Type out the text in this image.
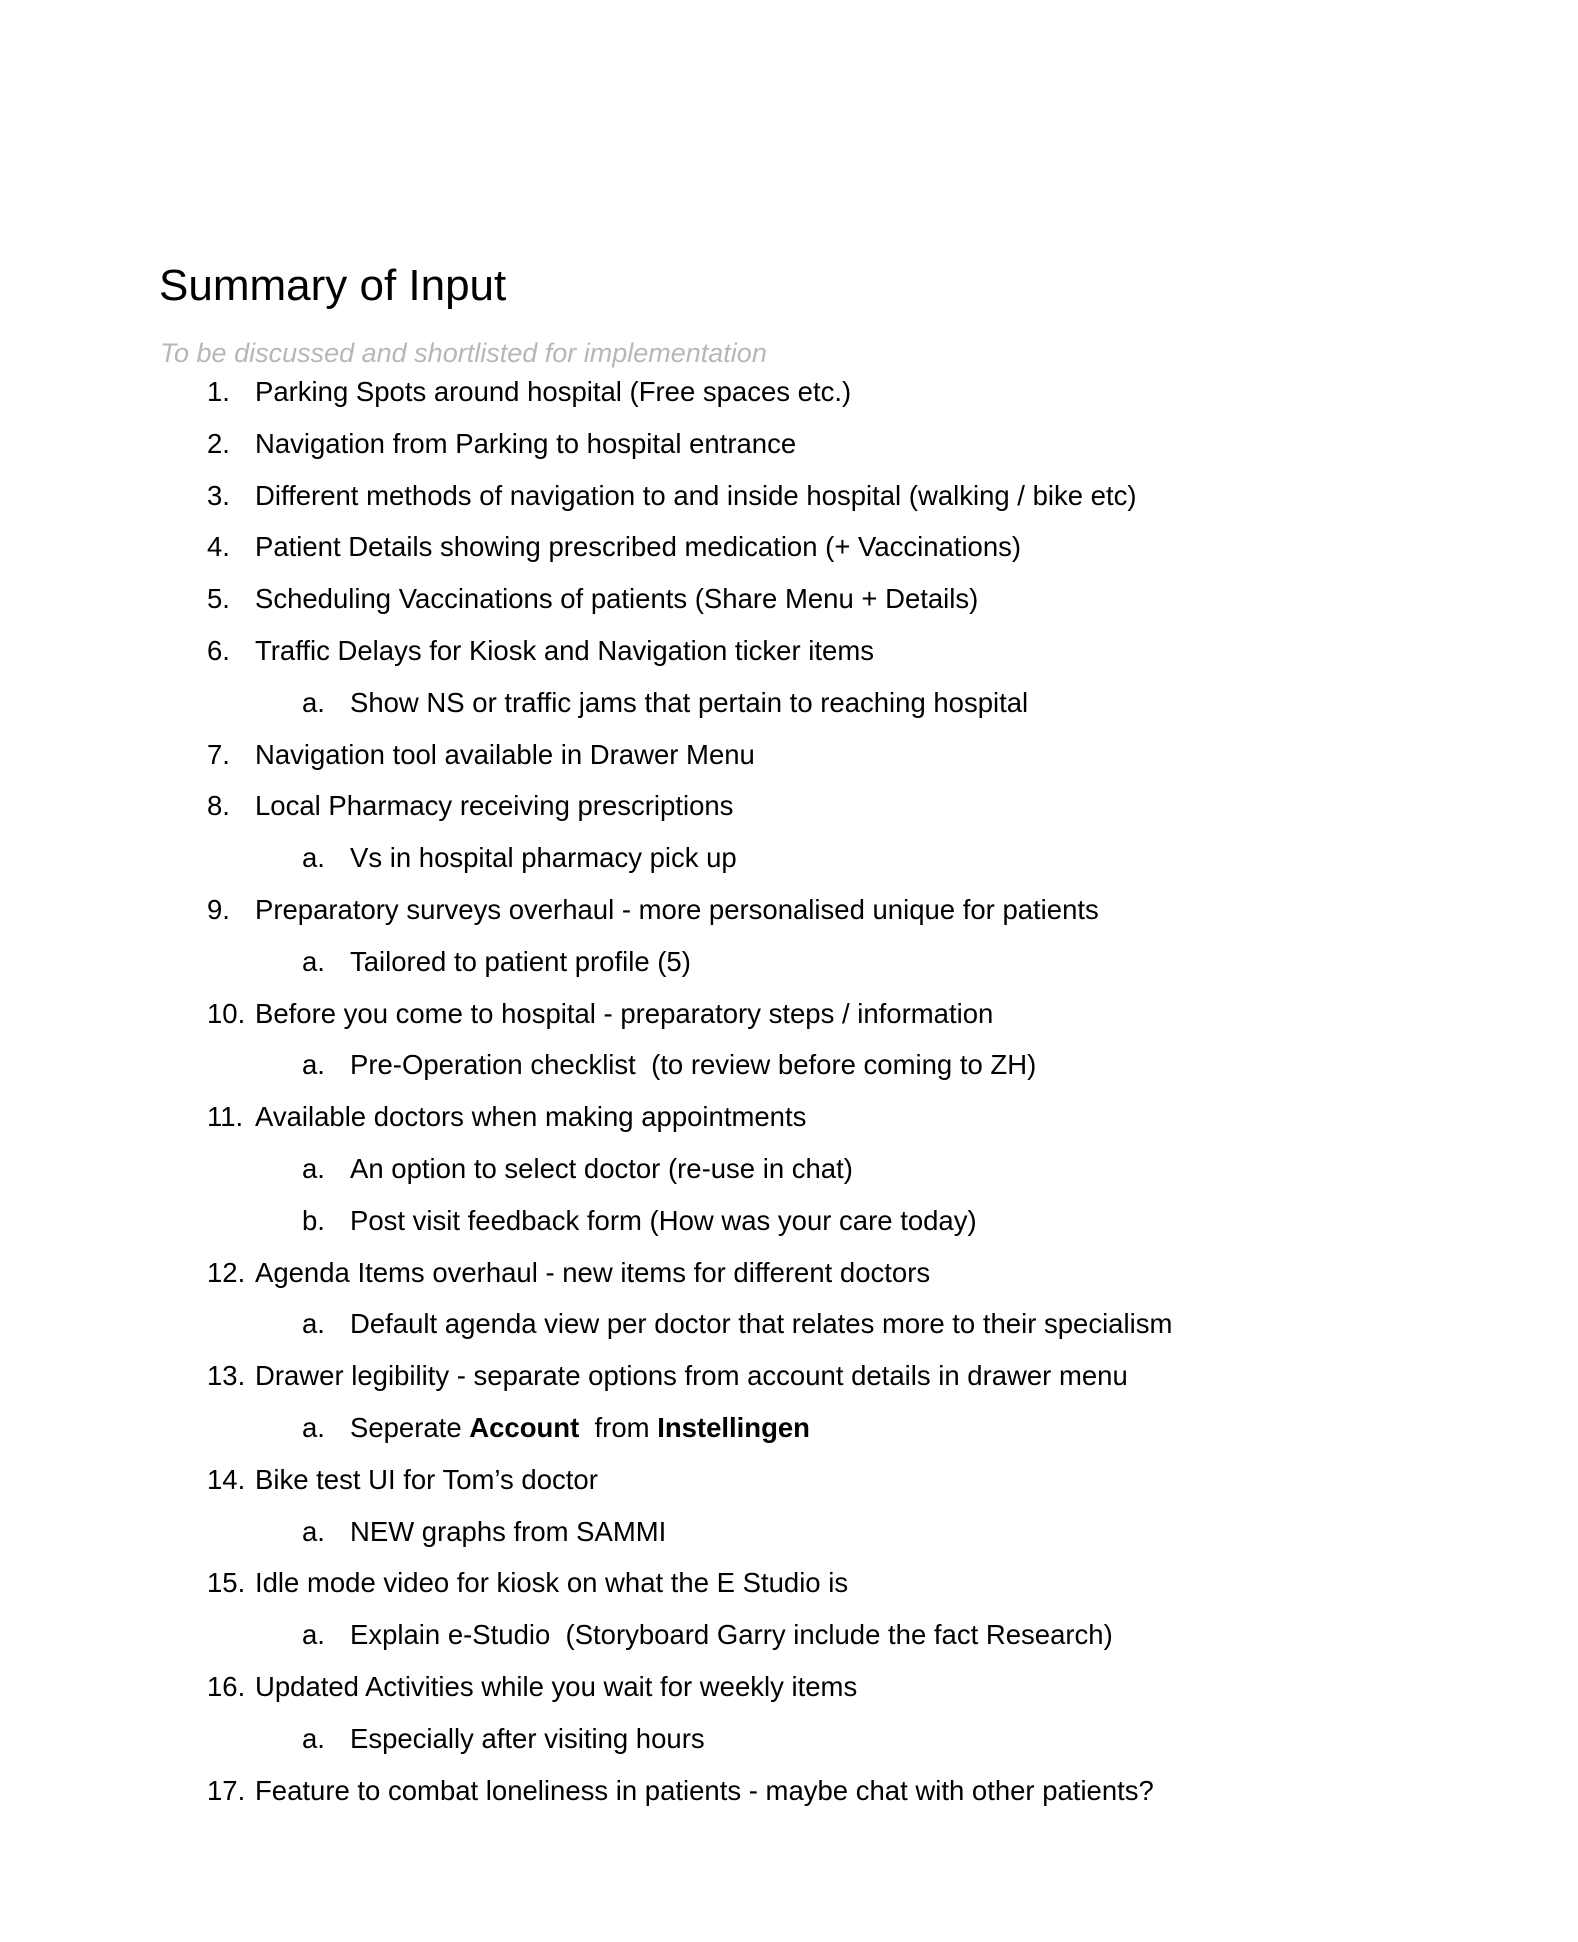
Summary of Input
To be discussed and shortlisted for implementation
1. Parking Spots around hospital (Free spaces etc.)
2. Navigation from Parking to hospital entrance
3. Different methods of navigation to and inside hospital (walking / bike etc)
4. Patient Details showing prescribed medication (+ Vaccinations)
5. Scheduling Vaccinations of patients (Share Menu + Details)
6. Traffic Delays for Kiosk and Navigation ticker items
a. Show NS or traffic jams that pertain to reaching hospital
7. Navigation tool available in Drawer Menu
8. Local Pharmacy receiving prescriptions
a. Vs in hospital pharmacy pick up
9. Preparatory surveys overhaul - more personalised unique for patients
a. Tailored to patient profile (5)
10. Before you come to hospital - preparatory steps / information
a. Pre-Operation checklist  (to review before coming to ZH)
11. Available doctors when making appointments
a. An option to select doctor (re-use in chat)
b. Post visit feedback form (How was your care today)
12. Agenda Items overhaul - new items for different doctors
a. Default agenda view per doctor that relates more to their specialism
13. Drawer legibility - separate options from account details in drawer menu
a. Seperate Account  from Instellingen
14. Bike test UI for Tom’s doctor
a. NEW graphs from SAMMI
15. Idle mode video for kiosk on what the E Studio is
a. Explain e-Studio  (Storyboard Garry include the fact Research)
16. Updated Activities while you wait for weekly items
a. Especially after visiting hours
17. Feature to combat loneliness in patients - maybe chat with other patients?
